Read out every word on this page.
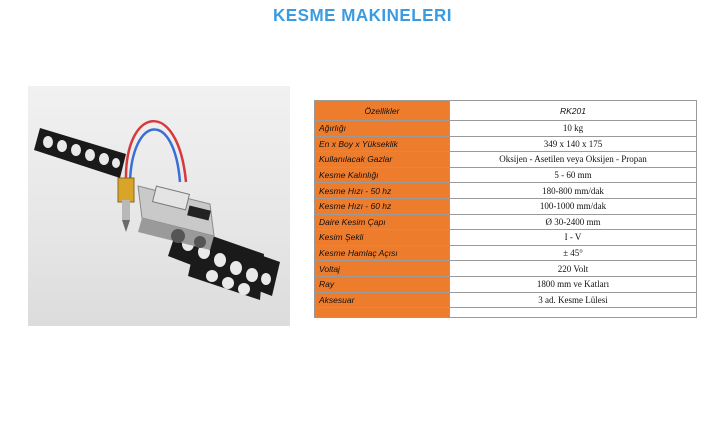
KESME MAKINELERI
Özellikler	RK201
Ağırlığı	10 kg
En x Boy x Yükseklik	349 x 140 x 175
Kullanılacak Gazlar	Oksijen - Asetilen veya Oksijen - Propan
Kesme Kalınlığı	5 - 60 mm
Kesme Hızı - 50 hz	180-800 mm/dak
Kesme Hızı - 60 hz	100-1000 mm/dak
Daire Kesim Çapı	Ø 30-2400 mm
Kesim Şekli	I - V
Kesme Hamlaç Açısı	± 45°
Voltaj	220 Volt
Ray	1800 mm ve Katları
Aksesuar	3 ad. Kesme Lülesi
